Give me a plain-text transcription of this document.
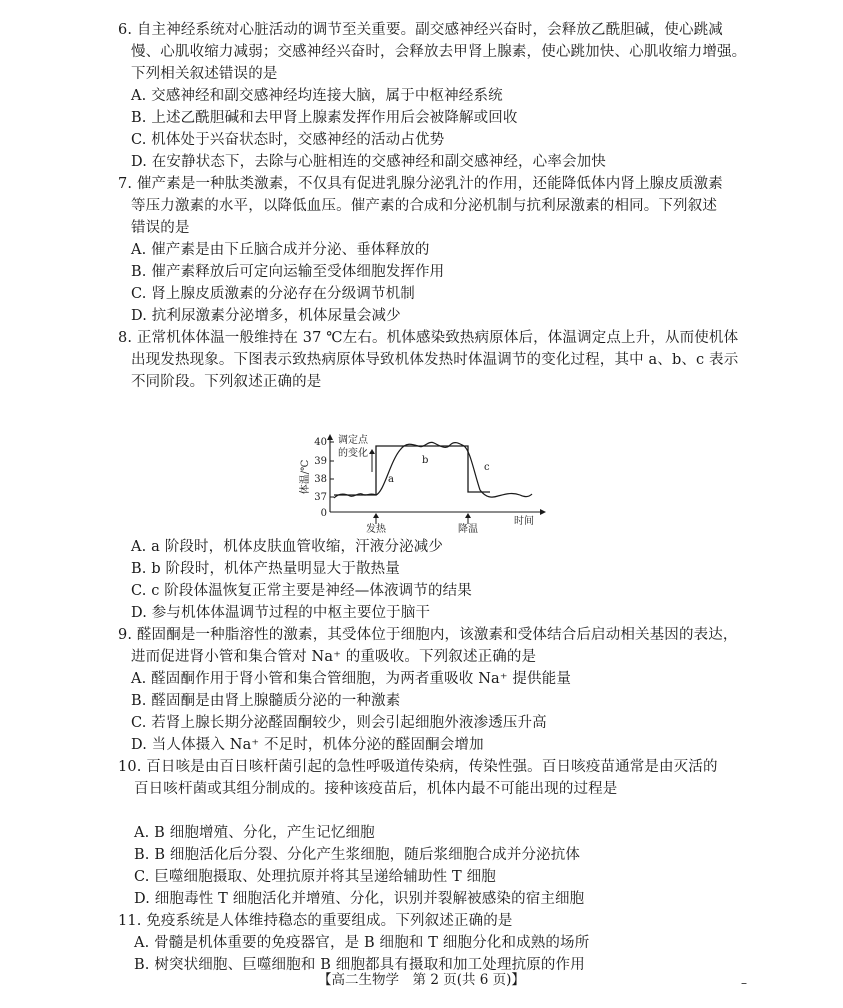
6. 自主神经系统对心脏活动的调节至关重要。副交感神经兴奋时，会释放乙酰胆碱，使心跳减
慢、心肌收缩力减弱；交感神经兴奋时，会释放去甲肾上腺素，使心跳加快、心肌收缩力增强。
下列相关叙述错误的是
A. 交感神经和副交感神经均连接大脑，属于中枢神经系统
B. 上述乙酰胆碱和去甲肾上腺素发挥作用后会被降解或回收
C. 机体处于兴奋状态时，交感神经的活动占优势
D. 在安静状态下，去除与心脏相连的交感神经和副交感神经，心率会加快
7. 催产素是一种肽类激素，不仅具有促进乳腺分泌乳汁的作用，还能降低体内肾上腺皮质激素
等压力激素的水平，以降低血压。催产素的合成和分泌机制与抗利尿激素的相同。下列叙述
错误的是
A. 催产素是由下丘脑合成并分泌、垂体释放的
B. 催产素释放后可定向运输至受体细胞发挥作用
C. 肾上腺皮质激素的分泌存在分级调节机制
D. 抗利尿激素分泌增多，机体尿量会减少
8. 正常机体体温一般维持在 37 ℃左右。机体感染致热病原体后，体温调定点上升，从而使机体
出现发热现象。下图表示致热病原体导致机体发热时体温调节的变化过程，其中 a、b、c 表示
不同阶段。下列叙述正确的是
40
39
38
37
0
体温/℃
调定点
的变化
a
b
c
发热	降温
时间
A. a 阶段时，机体皮肤血管收缩，汗液分泌减少
B. b 阶段时，机体产热量明显大于散热量
C. c 阶段体温恢复正常主要是神经—体液调节的结果
D. 参与机体体温调节过程的中枢主要位于脑干
9. 醛固酮是一种脂溶性的激素，其受体位于细胞内，该激素和受体结合后启动相关基因的表达，
进而促进肾小管和集合管对 Na⁺ 的重吸收。下列叙述正确的是
A. 醛固酮作用于肾小管和集合管细胞，为两者重吸收 Na⁺ 提供能量
B. 醛固酮是由肾上腺髓质分泌的一种激素
C. 若肾上腺长期分泌醛固酮较少，则会引起细胞外液渗透压升高
D. 当人体摄入 Na⁺ 不足时，机体分泌的醛固酮会增加
10. 百日咳是由百日咳杆菌引起的急性呼吸道传染病，传染性强。百日咳疫苗通常是由灭活的
百日咳杆菌或其组分制成的。接种该疫苗后，机体内最不可能出现的过程是
A. B 细胞增殖、分化，产生记忆细胞
B. B 细胞活化后分裂、分化产生浆细胞，随后浆细胞合成并分泌抗体
C. 巨噬细胞摄取、处理抗原并将其呈递给辅助性 T 细胞
D. 细胞毒性 T 细胞活化并增殖、分化，识别并裂解被感染的宿主细胞
11. 免疫系统是人体维持稳态的重要组成。下列叙述正确的是
A. 骨髓是机体重要的免疫器官，是 B 细胞和 T 细胞分化和成熟的场所
B. 树突状细胞、巨噬细胞和 B 细胞都具有摄取和加工处理抗原的作用
【高二生物学　第 2 页(共 6 页)】	–
